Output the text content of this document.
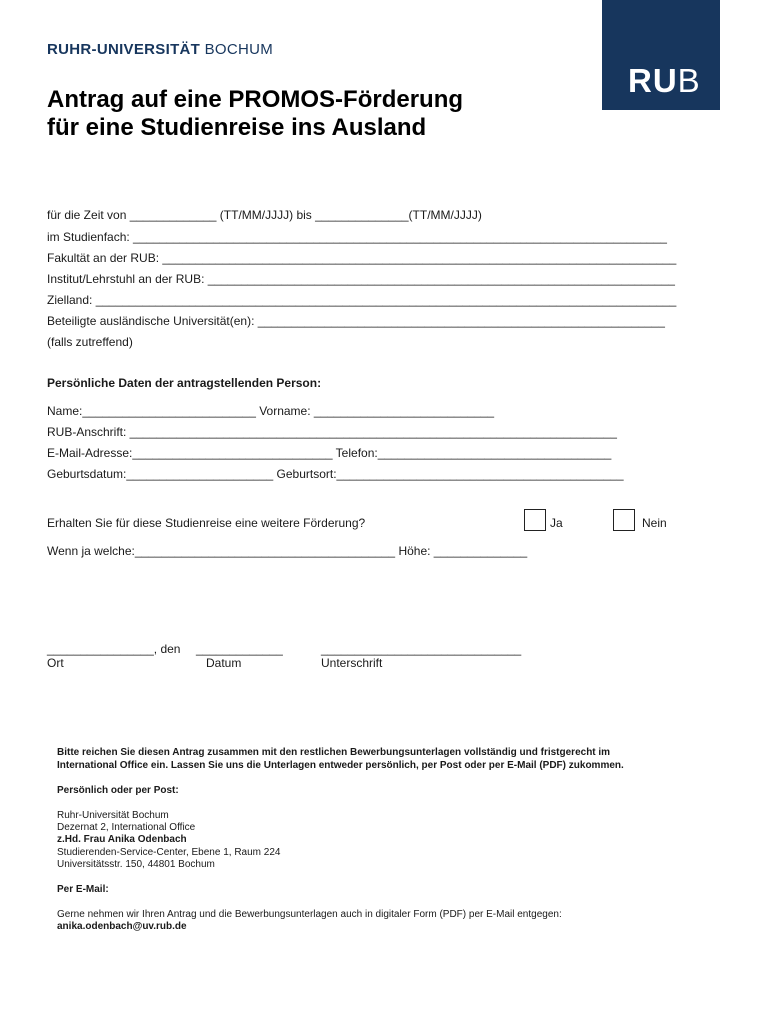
RUHR-UNIVERSITÄT BOCHUM
RUB
Antrag auf eine PROMOS-Förderung
für eine Studienreise ins Ausland
für die Zeit von _____________ (TT/MM/JJJJ) bis ______________(TT/MM/JJJJ)
im Studienfach: ________________________________________________________________________________
Fakultät an der RUB: _____________________________________________________________________________
Institut/Lehrstuhl an der RUB: ______________________________________________________________________
Zielland: _______________________________________________________________________________________
Beteiligte ausländische Universität(en): _____________________________________________________________
(falls zutreffend)
Persönliche Daten der antragstellenden Person:
Name:__________________________ Vorname: ___________________________
RUB-Anschrift: _________________________________________________________________________
E-Mail-Adresse:______________________________ Telefon:___________________________________
Geburtsdatum:______________________ Geburtsort:___________________________________________
Erhalten Sie für diese Studienreise eine weitere Förderung?	Ja	Nein
Wenn ja welche:_______________________________________ Höhe: ______________
________________, den _____________	______________________________
Ort	Datum	Unterschrift
Bitte reichen Sie diesen Antrag zusammen mit den restlichen Bewerbungsunterlagen vollständig und fristgerecht im
International Office ein. Lassen Sie uns die Unterlagen entweder persönlich, per Post oder per E-Mail (PDF) zukommen.
Persönlich oder per Post:
Ruhr-Universität Bochum
Dezernat 2, International Office
z.Hd. Frau Anika Odenbach
Studierenden-Service-Center, Ebene 1, Raum 224
Universitätsstr. 150, 44801 Bochum
Per E-Mail:
Gerne nehmen wir Ihren Antrag und die Bewerbungsunterlagen auch in digitaler Form (PDF) per E-Mail entgegen:
anika.odenbach@uv.rub.de
